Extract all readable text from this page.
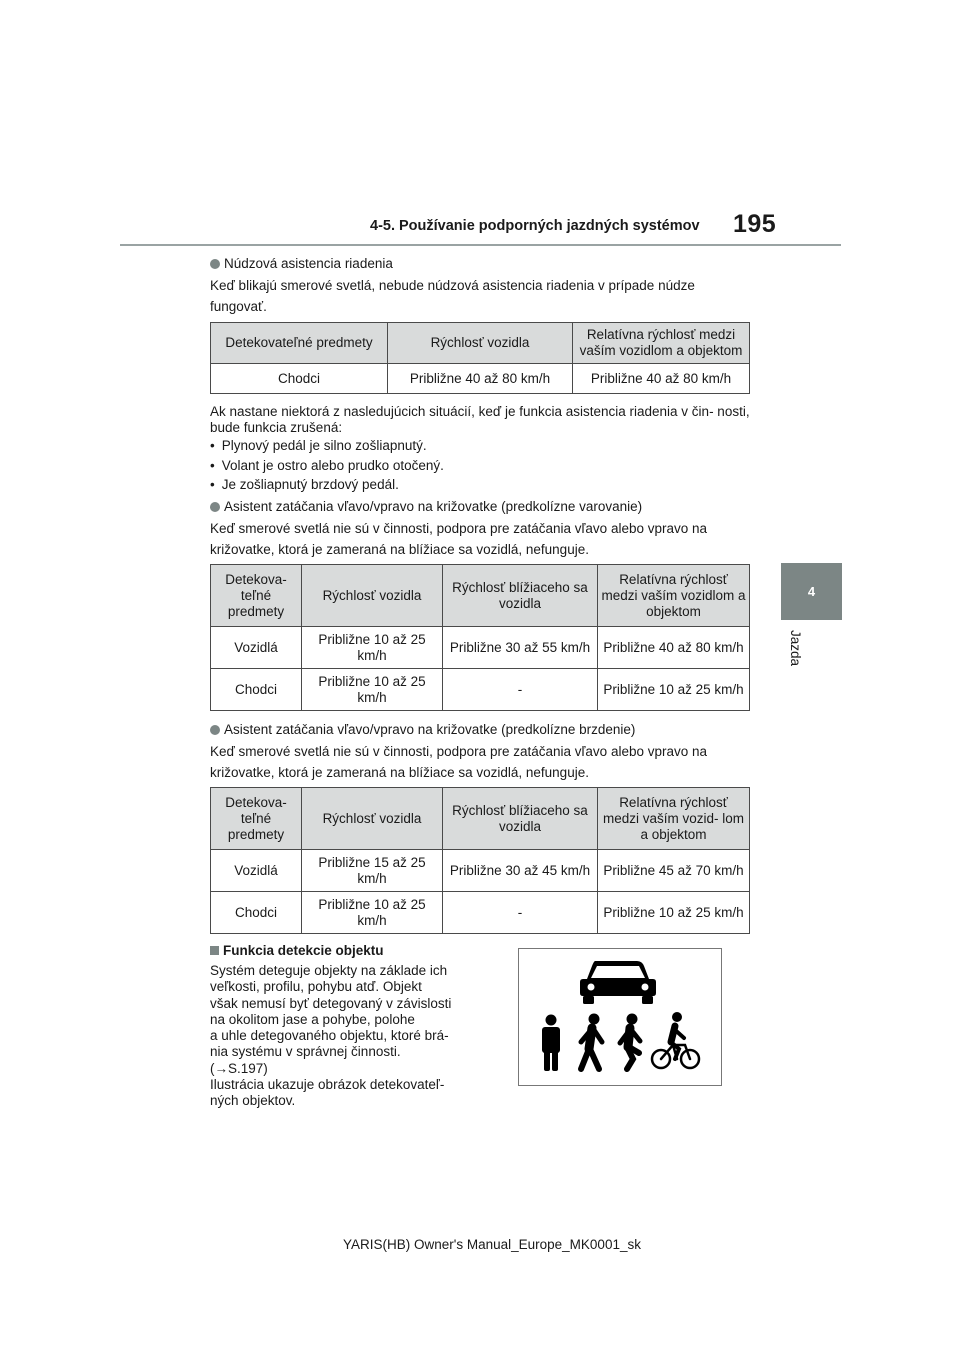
4-5. Používanie podporných jazdných systémov 195
4
Jazda
Núdzová asistencia riadenia
Keď blikajú smerové svetlá, nebude núdzová asistencia riadenia v prípade núdze fungovať.
Detekovateľné predmety	Rýchlosť vozidla	Relatívna rýchlosť medzi vaším vozidlom a objektom
Chodci	Približne 40 až 80 km/h	Približne 40 až 80 km/h
Ak nastane niektorá z nasledujúcich situácií, keď je funkcia asistencia riadenia v čin- nosti, bude funkcia zrušená:
• Plynový pedál je silno zošliapnutý.
• Volant je ostro alebo prudko otočený.
• Je zošliapnutý brzdový pedál.
Asistent zatáčania vľavo/vpravo na križovatke (predkolízne varovanie)
Keď smerové svetlá nie sú v činnosti, podpora pre zatáčania vľavo alebo vpravo na križovatke, ktorá je zameraná na blížiace sa vozidlá, nefunguje.
Detekova- teľné predmety	Rýchlosť vozidla	Rýchlosť blížiaceho sa vozidla	Relatívna rýchlosť medzi vaším vozidlom a objektom
Vozidlá	Približne 10 až 25 km/h	Približne 30 až 55 km/h	Približne 40 až 80 km/h
Chodci	Približne 10 až 25 km/h	-	Približne 10 až 25 km/h
Asistent zatáčania vľavo/vpravo na križovatke (predkolízne brzdenie)
Keď smerové svetlá nie sú v činnosti, podpora pre zatáčania vľavo alebo vpravo na križovatke, ktorá je zameraná na blížiace sa vozidlá, nefunguje.
Detekova- teľné predmety	Rýchlosť vozidla	Rýchlosť blížiaceho sa vozidla	Relatívna rýchlosť medzi vaším vozid- lom a objektom
Vozidlá	Približne 15 až 25 km/h	Približne 30 až 45 km/h	Približne 45 až 70 km/h
Chodci	Približne 10 až 25 km/h	-	Približne 10 až 25 km/h
Funkcia detekcie objektu
Systém deteguje objekty na základe ich
veľkosti, profilu, pohybu atď. Objekt
však nemusí byť detegovaný v závislosti
na okolitom jase a pohybe, polohe
a uhle detegovaného objektu, ktoré brá-
nia systému v správnej činnosti.
(→S.197)
Ilustrácia ukazuje obrázok detekovateľ-
ných objektov.
YARIS(HB) Owner's Manual_Europe_MK0001_sk
